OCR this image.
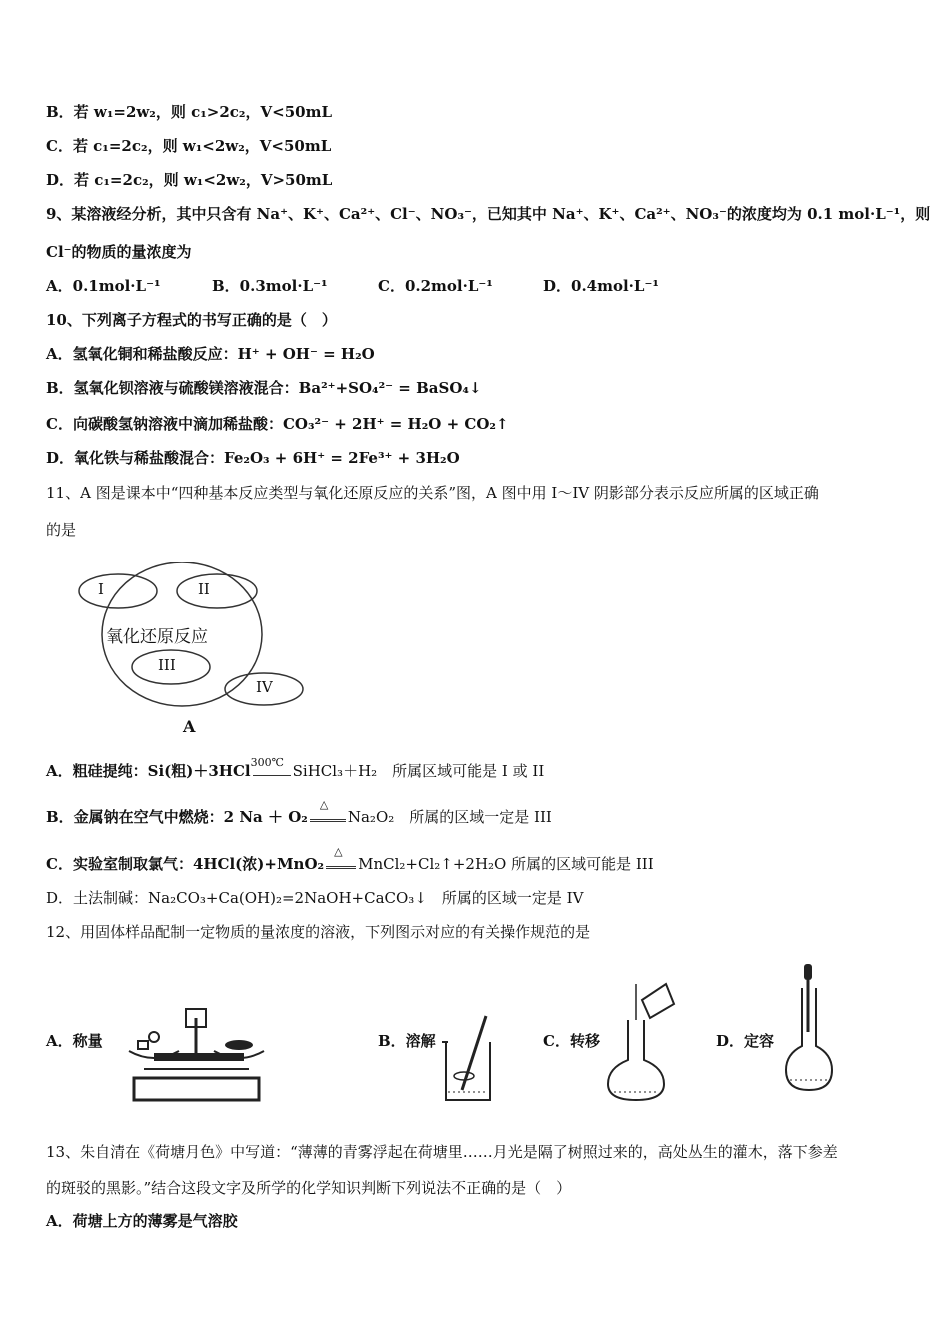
B．若 w₁=2w₂，则 c₁>2c₂，V<50mL
C．若 c₁=2c₂，则 w₁<2w₂，V<50mL
D．若 c₁=2c₂，则 w₁<2w₂，V>50mL
9、某溶液经分析，其中只含有 Na⁺、K⁺、Ca²⁺、Cl⁻、NO₃⁻，已知其中 Na⁺、K⁺、Ca²⁺、NO₃⁻的浓度均为 0.1 mol·L⁻¹，则
Cl⁻的物质的量浓度为
A．0.1mol·L⁻¹	B．0.3mol·L⁻¹	C．0.2mol·L⁻¹	D．0.4mol·L⁻¹
10、下列离子方程式的书写正确的是（　）
A．氢氧化铜和稀盐酸反应：H⁺ + OH⁻ = H₂O
B．氢氧化钡溶液与硫酸镁溶液混合：Ba²⁺+SO₄²⁻ = BaSO₄↓
C．向碳酸氢钠溶液中滴加稀盐酸：CO₃²⁻ + 2H⁺ = H₂O + CO₂↑
D．氧化铁与稀盐酸混合：Fe₂O₃ + 6H⁺ = 2Fe³⁺ + 3H₂O
11、A 图是课本中“四种基本反应类型与氧化还原反应的关系”图，A 图中用 I～IV 阴影部分表示反应所属的区域正确
的是
I	II
氧化还原反应
III
IV
A
A．粗硅提纯：Si(粗)＋3HCl 300℃ SiHCl₃＋H₂　所属区域可能是 I 或 II
B．金属钠在空气中燃烧：2 Na ＋ O₂
△
Na₂O₂　所属的区域一定是 III
C．实验室制取氯气：4HCl(浓)+MnO₂
△
MnCl₂+Cl₂↑+2H₂O 所属的区域可能是 III
D．土法制碱：Na₂CO₃+Ca(OH)₂=2NaOH+CaCO₃↓　所属的区域一定是 IV
12、用固体样品配制一定物质的量浓度的溶液，下列图示对应的有关操作规范的是
A．称量	B．溶解	C．转移	D．定容
13、朱自清在《荷塘月色》中写道：“薄薄的青雾浮起在荷塘里……月光是隔了树照过来的，高处丛生的灌木，落下参差
的斑驳的黑影。”结合这段文字及所学的化学知识判断下列说法不正确的是（　）
A．荷塘上方的薄雾是气溶胶
